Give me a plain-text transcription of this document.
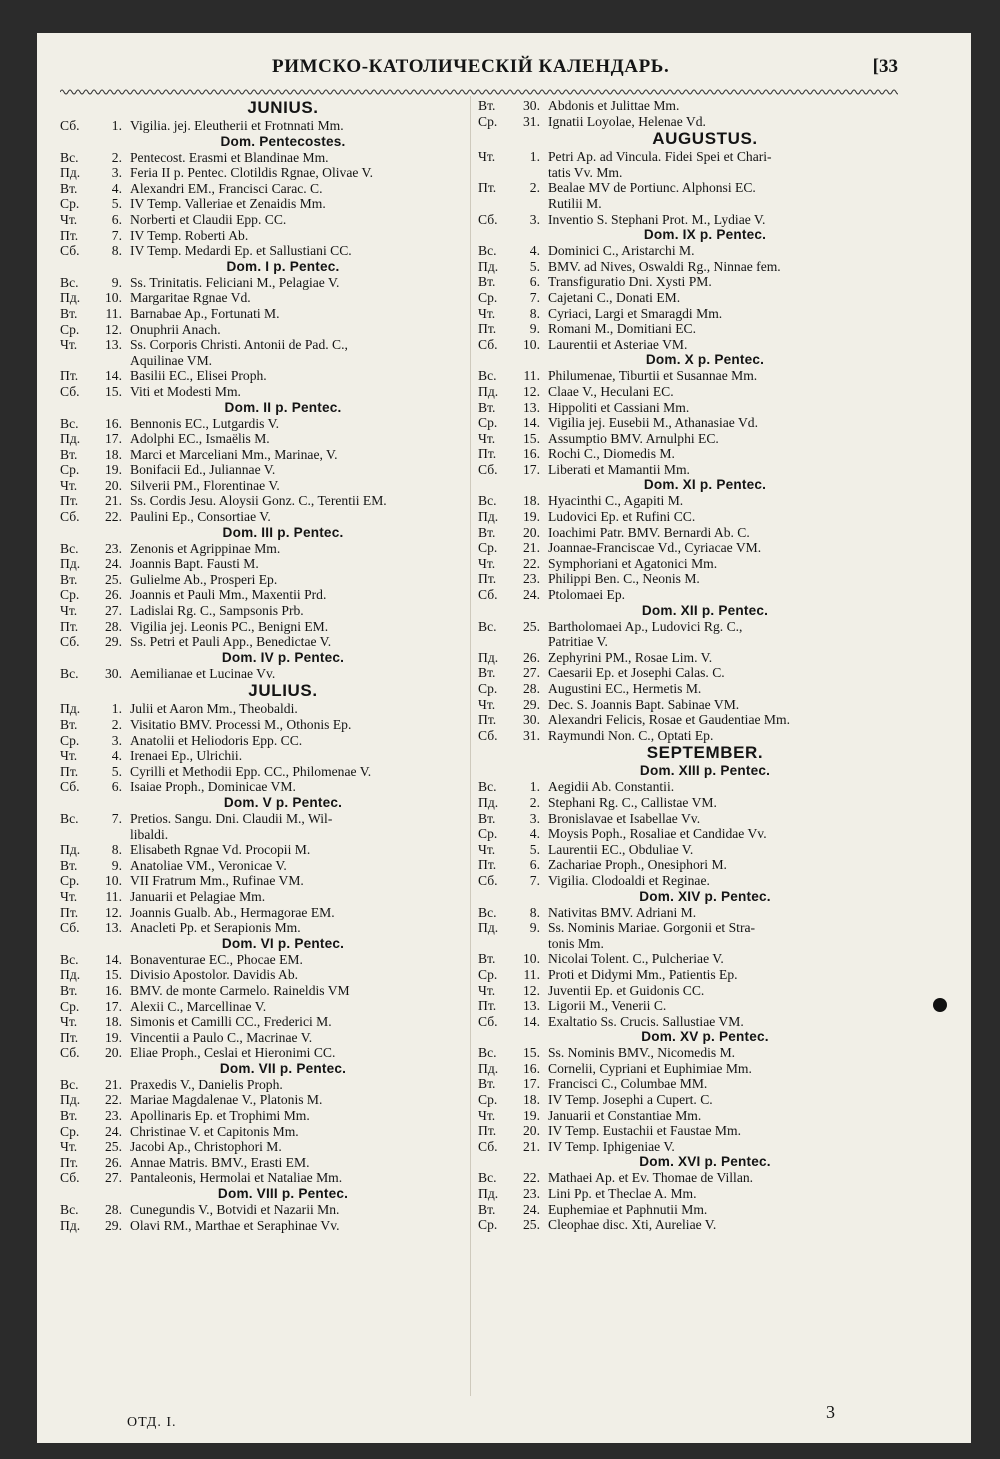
РИМСКО-КАТОЛИЧЕСКІЙ КАЛЕНДАРЬ.	[33
JUNIUS.
Сб.	1. Vigilia. jej. Eleutherii et Frotnnati Mm.
Dom. Pentecostes.
Вс.	2. Pentecost. Erasmi et Blandinae Mm.
Пд.	3. Feria II p. Pentec. Clotildis Rgnae, Olivae V.
Вт.	4. Alexandri EM., Francisci Carac. C.
Ср.	5. IV Temp. Valleriae et Zenaidis Mm.
Чт.	6. Norberti et Claudii Epp. CC.
Пт.	7. IV Temp. Roberti Ab.
Сб.	8. IV Temp. Medardi Ep. et Sallustiani CC.
Dom. I p. Pentec.
Вс.	9. Ss. Trinitatis. Feliciani M., Pelagiae V.
Пд.	10. Margaritae Rgnae Vd.
Вт.	11. Barnabae Ap., Fortunati M.
Ср.	12. Onuphrii Anach.
Чт.	13. Ss. Corporis Christi. Antonii de Pad. C.,
Aquilinae VM.
Пт.	14. Basilii EC., Elisei Proph.
Сб.	15. Viti et Modesti Mm.
Dom. II p. Pentec.
Вс.	16. Bennonis EC., Lutgardis V.
Пд.	17. Adolphi EC., Ismaëlis M.
Вт.	18. Marci et Marceliani Mm., Marinae, V.
Ср.	19. Bonifacii Ed., Juliannae V.
Чт.	20. Silverii PM., Florentinae V.
Пт.	21. Ss. Cordis Jesu. Aloysii Gonz. C., Terentii EM.
Сб.	22. Paulini Ep., Consortiae V.
Dom. III p. Pentec.
Вс.	23. Zenonis et Agrippinae Mm.
Пд.	24. Joannis Bapt. Fausti M.
Вт.	25. Gulielme Ab., Prosperi Ep.
Ср.	26. Joannis et Pauli Mm., Maxentii Prd.
Чт.	27. Ladislai Rg. C., Sampsonis Prb.
Пт.	28. Vigilia jej. Leonis PC., Benigni EM.
Сб.	29. Ss. Petri et Pauli App., Benedictae V.
Dom. IV p. Pentec.
Вс.	30. Aemilianae et Lucinae Vv.
JULIUS.
Пд.	1. Julii et Aaron Mm., Theobaldi.
Вт.	2. Visitatio BMV. Processi M., Othonis Ep.
Ср.	3. Anatolii et Heliodoris Epp. CC.
Чт.	4. Irenaei Ep., Ulrichii.
Пт.	5. Cyrilli et Methodii Epp. CC., Philomenae V.
Сб.	6. Isaiae Proph., Dominicae VM.
Dom. V p. Pentec.
Вс.	7. Pretios. Sangu. Dni. Claudii M., Wil-
libaldi.
Пд.	8. Elisabeth Rgnae Vd. Procopii M.
Вт.	9. Anatoliae VM., Veronicae V.
Ср.	10. VII Fratrum Mm., Rufinae VM.
Чт.	11. Januarii et Pelagiae Mm.
Пт.	12. Joannis Gualb. Ab., Hermagorae EM.
Сб.	13. Anacleti Pp. et Serapionis Mm.
Dom. VI p. Pentec.
Вс.	14. Bonaventurae EC., Phocae EM.
Пд.	15. Divisio Apostolor. Davidis Ab.
Вт.	16. BMV. de monte Carmelo. Raineldis VM
Ср.	17. Alexii C., Marcellinae V.
Чт.	18. Simonis et Camilli CC., Frederici M.
Пт.	19. Vincentii a Paulo C., Macrinae V.
Сб.	20. Eliae Proph., Ceslai et Hieronimi CC.
Dom. VII p. Pentec.
Вс.	21. Praxedis V., Danielis Proph.
Пд.	22. Mariae Magdalenae V., Platonis M.
Вт.	23. Apollinaris Ep. et Trophimi Mm.
Ср.	24. Christinae V. et Capitonis Mm.
Чт.	25. Jacobi Ap., Christophori M.
Пт.	26. Annae Matris. BMV., Erasti EM.
Сб.	27. Pantaleonis, Hermolai et Nataliae Mm.
Dom. VIII p. Pentec.
Вс.	28. Cunegundis V., Botvidi et Nazarii Mn.
Пд.	29. Olavi RM., Marthae et Seraphinae Vv.
Вт.	30. Abdonis et Julittae Mm.
Ср.	31. Ignatii Loyolae, Helenae Vd.
AUGUSTUS.
Чт.	1. Petri Ap. ad Vincula. Fidei Spei et Chari-
tatis Vv. Mm.
Пт.	2. Bealae MV de Portiunc. Alphonsi EC.
Rutilii M.
Сб.	3. Inventio S. Stephani Prot. M., Lydiae V.
Dom. IX p. Pentec.
Вс.	4. Dominici C., Aristarchi M.
Пд.	5. BMV. ad Nives, Oswaldi Rg., Ninnae fem.
Вт.	6. Transfiguratio Dni. Xysti PM.
Ср.	7. Cajetani C., Donati EM.
Чт.	8. Cyriaci, Largi et Smaragdi Mm.
Пт.	9. Romani M., Domitiani EC.
Сб.	10. Laurentii et Asteriae VM.
Dom. X p. Pentec.
Вс.	11. Philumenae, Tiburtii et Susannae Mm.
Пд.	12. Claae V., Heculani EC.
Вт.	13. Hippoliti et Cassiani Mm.
Ср.	14. Vigilia jej. Eusebii M., Athanasiae Vd.
Чт.	15. Assumptio BMV. Arnulphi EC.
Пт.	16. Rochi C., Diomedis M.
Сб.	17. Liberati et Mamantii Mm.
Dom. XI p. Pentec.
Вс.	18. Hyacinthi C., Agapiti M.
Пд.	19. Ludovici Ep. et Rufini CC.
Вт.	20. Ioachimi Patr. BMV. Bernardi Ab. C.
Ср.	21. Joannae-Franciscae Vd., Cyriacae VM.
Чт.	22. Symphoriani et Agatonici Mm.
Пт.	23. Philippi Ben. C., Neonis M.
Сб.	24. Ptolomaei Ep.
Dom. XII p. Pentec.
Вс.	25. Bartholomaei Ap., Ludovici Rg. C.,
Patritiae V.
Пд.	26. Zephyrini PM., Rosae Lim. V.
Вт.	27. Caesarii Ep. et Josephi Calas. C.
Ср.	28. Augustini EC., Hermetis M.
Чт.	29. Dec. S. Joannis Bapt. Sabinae VM.
Пт.	30. Alexandri Felicis, Rosae et Gaudentiae Mm.
Сб.	31. Raymundi Non. C., Optati Ep.
SEPTEMBER.
Dom. XIII p. Pentec.
Вс.	1. Aegidii Ab. Constantii.
Пд.	2. Stephani Rg. C., Callistae VM.
Вт.	3. Bronislavae et Isabellae Vv.
Ср.	4. Moysis Poph., Rosaliae et Candidae Vv.
Чт.	5. Laurentii EC., Obduliae V.
Пт.	6. Zachariae Proph., Onesiphori M.
Сб.	7. Vigilia. Clodoaldi et Reginae.
Dom. XIV p. Pentec.
Вс.	8. Nativitas BMV. Adriani M.
Пд.	9. Ss. Nominis Mariae. Gorgonii et Stra-
tonis Mm.
Вт.	10. Nicolai Tolent. C., Pulcheriae V.
Ср.	11. Proti et Didymi Mm., Patientis Ep.
Чт.	12. Juventii Ep. et Guidonis CC.
Пт.	13. Ligorii M., Venerii C.
Сб.	14. Exaltatio Ss. Crucis. Sallustiae VM.
Dom. XV p. Pentec.
Вс.	15. Ss. Nominis BMV., Nicomedis M.
Пд.	16. Cornelii, Cypriani et Euphimiae Mm.
Вт.	17. Francisci C., Columbae MM.
Ср.	18. IV Temp. Josephi a Cupert. C.
Чт.	19. Januarii et Constantiae Mm.
Пт.	20. IV Temp. Eustachii et Faustae Mm.
Сб.	21. IV Temp. Iphigeniae V.
Dom. XVI p. Pentec.
Вс.	22. Mathaei Ap. et Ev. Thomae de Villan.
Пд.	23. Lini Pp. et Theclae A. Mm.
Вт.	24. Euphemiae et Paphnutii Mm.
Ср.	25. Cleophae disc. Xti, Aureliae V.
ОТД. I.
3
